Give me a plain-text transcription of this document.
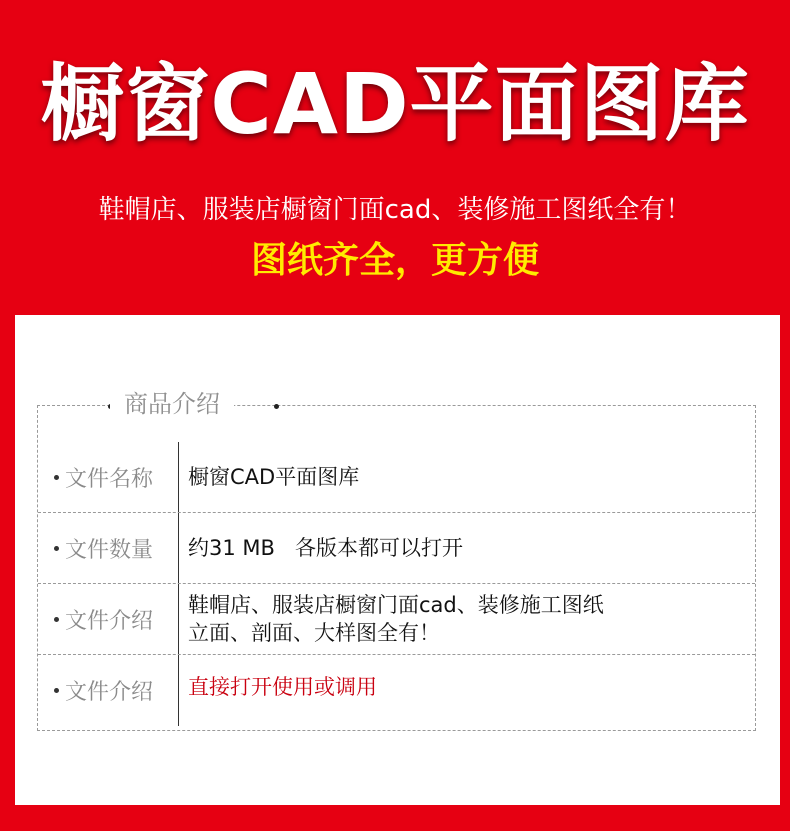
橱窗CAD平面图库
鞋帽店、服装店橱窗门面cad、装修施工图纸全有！
图纸齐全，更方便
商品介绍
文件名称 橱窗CAD平面图库
文件数量 约31 MB   各版本都可以打开
文件介绍
鞋帽店、服装店橱窗门面cad、装修施工图纸
立面、剖面、大样图全有！
文件介绍 直接打开使用或调用
